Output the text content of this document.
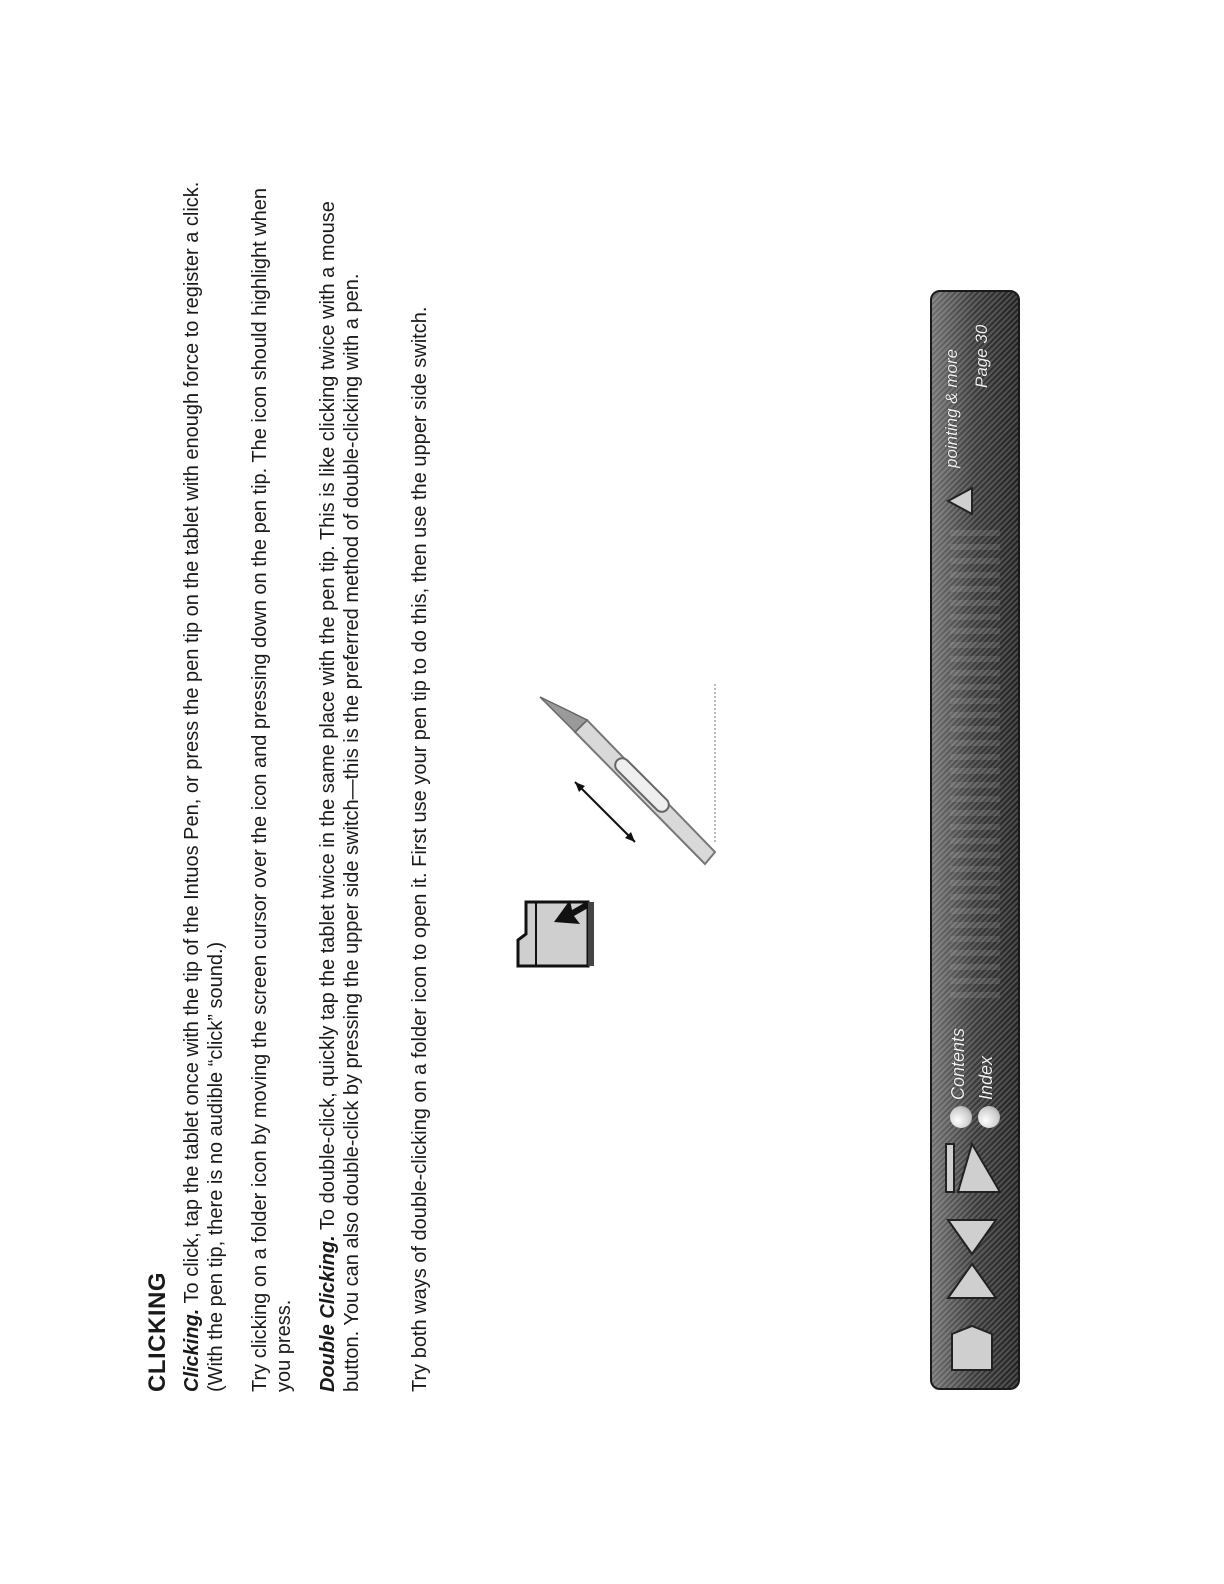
CLICKING Clicking. To click, tap the tablet once with the tip of the Intuos Pen, or press the pen tip on the tablet with enough force to register a click. (With the pen tip, there is no audible “click” sound.) Try clicking on a folder icon by moving the screen cursor over the icon and pressing down on the pen tip. The icon should highlight when you press. Double Clicking. To double-click, quickly tap the tablet twice in the same place with the pen tip. This is like clicking twice with a mouse button. You can also double-click by pressing the upper side switch—this is the preferred method of double-clicking with a pen. Try both ways of double-clicking on a folder icon to open it. First use your pen tip to do this, then use the upper side switch.	Contents Index
pointing & more Page 30
